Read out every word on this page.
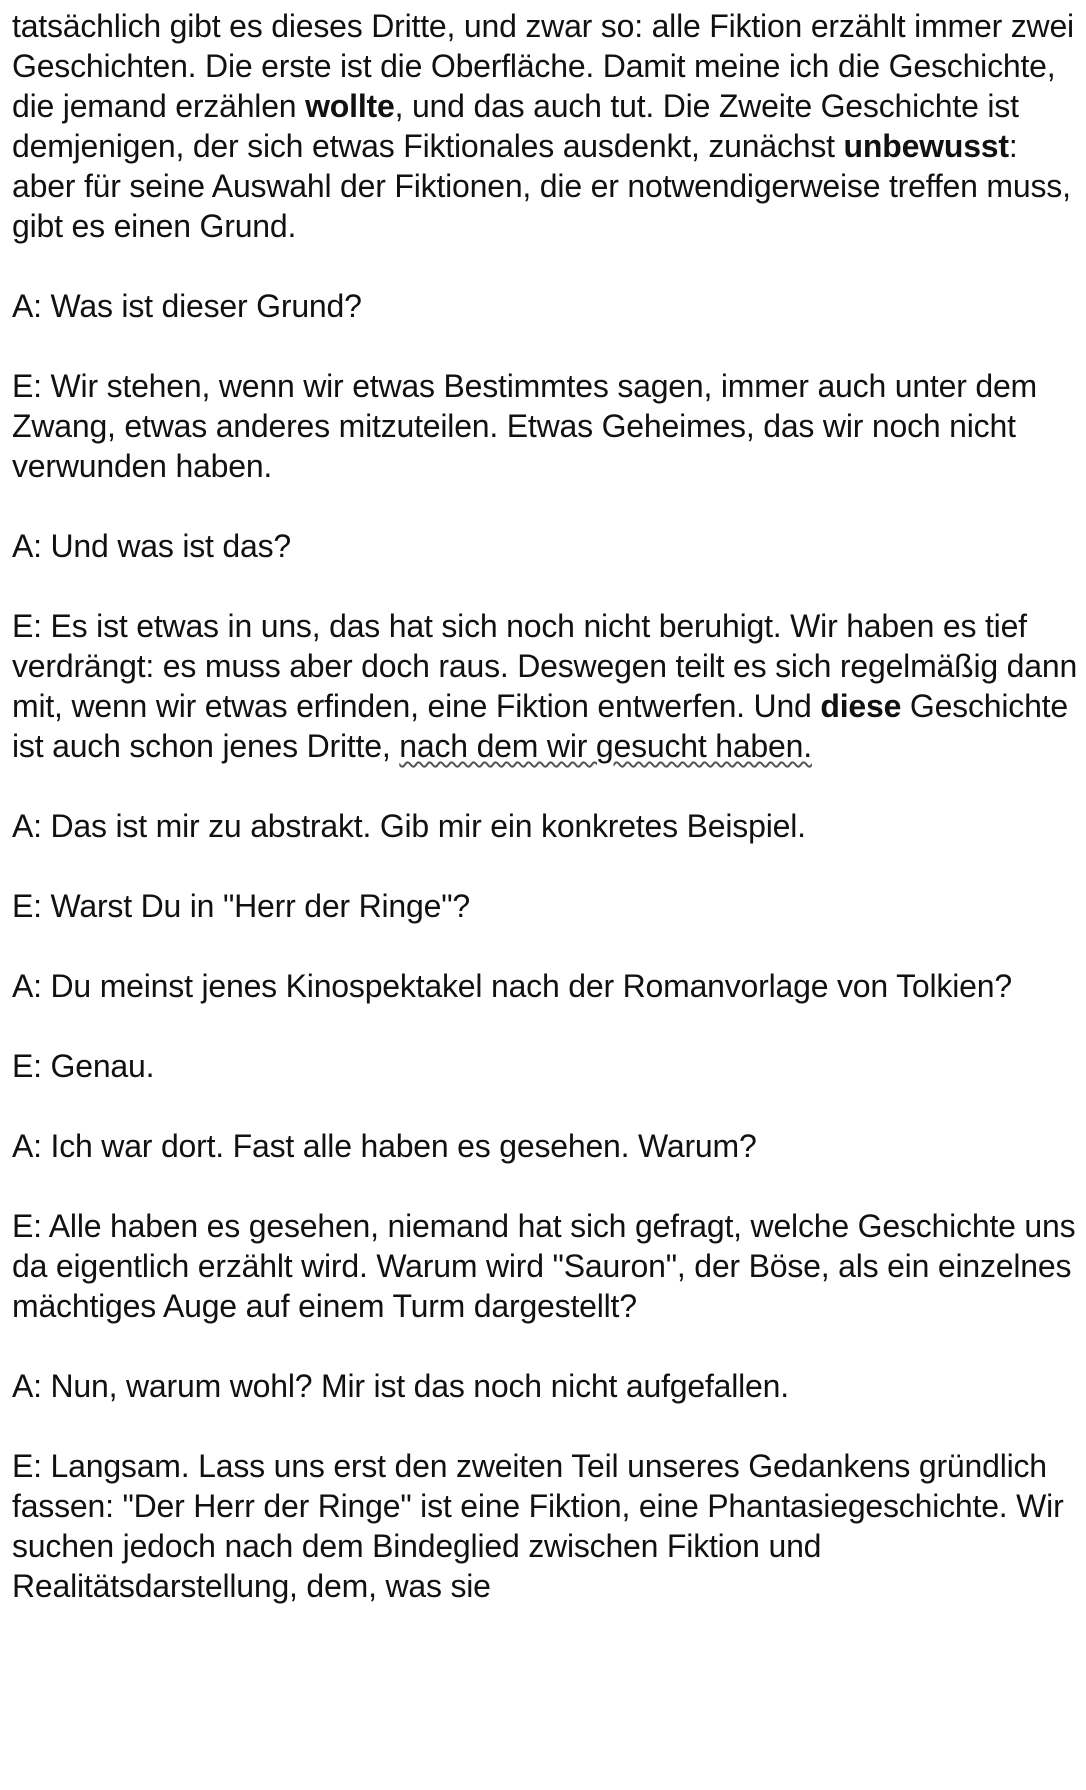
tatsächlich gibt es dieses Dritte, und zwar so: alle Fiktion erzählt immer zwei Geschichten. Die erste ist die Oberfläche. Damit meine ich die Geschichte, die jemand erzählen wollte, und das auch tut. Die Zweite Geschichte ist demjenigen, der sich etwas Fiktionales ausdenkt, zunächst unbewusst: aber für seine Auswahl der Fiktionen, die er notwendigerweise treffen muss, gibt es einen Grund.

A: Was ist dieser Grund?

E: Wir stehen, wenn wir etwas Bestimmtes sagen, immer auch unter dem Zwang, etwas anderes mitzuteilen. Etwas Geheimes, das wir noch nicht verwunden haben.

A: Und was ist das?

E: Es ist etwas in uns, das hat sich noch nicht beruhigt. Wir haben es tief verdrängt: es muss aber doch raus. Deswegen teilt es sich regelmäßig dann mit, wenn wir etwas erfinden, eine Fiktion entwerfen. Und diese Geschichte ist auch schon jenes Dritte, nach dem wir gesucht haben.

A: Das ist mir zu abstrakt. Gib mir ein konkretes Beispiel.

E: Warst Du in "Herr der Ringe"?

A: Du meinst jenes Kinospektakel nach der Romanvorlage von Tolkien?

E: Genau.

A: Ich war dort. Fast alle haben es gesehen. Warum?

E: Alle haben es gesehen, niemand hat sich gefragt, welche Geschichte uns da eigentlich erzählt wird. Warum wird "Sauron", der Böse, als ein einzelnes mächtiges Auge auf einem Turm dargestellt?

A: Nun, warum wohl? Mir ist das noch nicht aufgefallen.

E: Langsam. Lass uns erst den zweiten Teil unseres Gedankens gründlich fassen: "Der Herr der Ringe" ist eine Fiktion, eine Phantasiegeschichte. Wir suchen jedoch nach dem Bindeglied zwischen Fiktion und Realitätsdarstellung, dem, was sie
